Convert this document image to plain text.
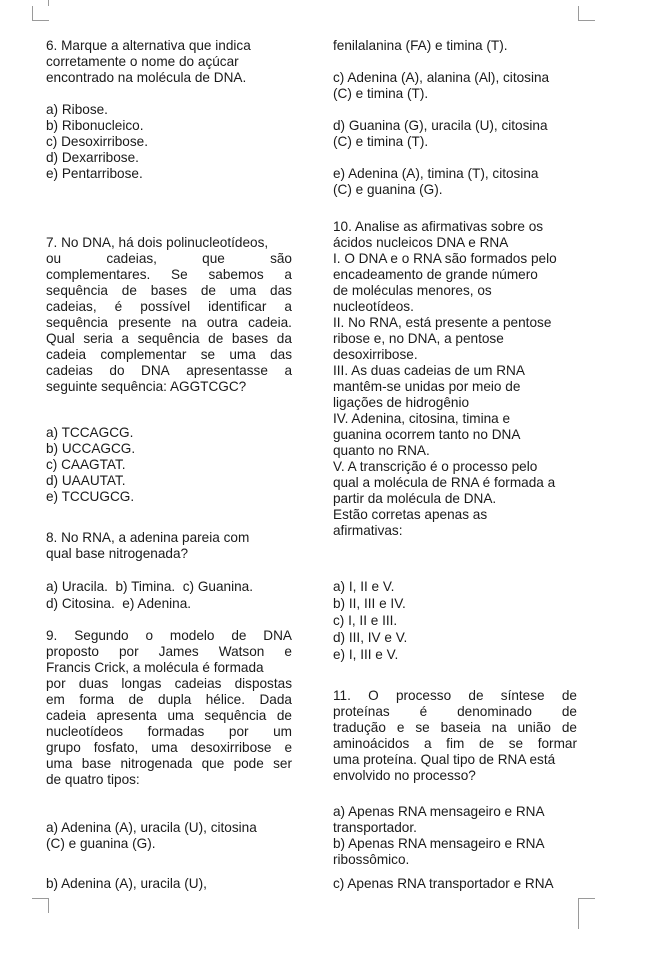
6. Marque a alternativa que indica
corretamente o nome do açúcar
encontrado na molécula de DNA.
a) Ribose.
b) Ribonucleico.
c) Desoxirribose.
d) Dexarribose.
e) Pentarribose.
7. No DNA, há dois polinucleotídeos,
ou	cadeias,	que	são
complementares. Se sabemos a
sequência de bases de uma das
cadeias, é possível identificar a
sequência presente na outra cadeia.
Qual seria a sequência de bases da
cadeia complementar se uma das
cadeias do DNA apresentasse a
seguinte sequência: AGGTCGC?
a) TCCAGCG.
b) UCCAGCG.
c) CAAGTAT.
d) UAAUTAT.
e) TCCUGCG.
8. No RNA, a adenina pareia com
qual base nitrogenada?
a) Uracila.  b) Timina.  c) Guanina.
d) Citosina.  e) Adenina.
9. Segundo o modelo de DNA
proposto por James Watson e
Francis Crick, a molécula é formada
por duas longas cadeias dispostas
em forma de dupla hélice. Dada
cadeia apresenta uma sequência de
nucleotídeos formadas por um
grupo fosfato, uma desoxirribose e
uma base nitrogenada que pode ser
de quatro tipos:
a) Adenina (A), uracila (U), citosina
(C) e guanina (G).
b) Adenina (A), uracila (U),
fenilalanina (FA) e timina (T).
c) Adenina (A), alanina (Al), citosina
(C) e timina (T).
d) Guanina (G), uracila (U), citosina
(C) e timina (T).
e) Adenina (A), timina (T), citosina
(C) e guanina (G).
10. Analise as afirmativas sobre os
ácidos nucleicos DNA e RNA
I. O DNA e o RNA são formados pelo
encadeamento de grande número
de moléculas menores, os
nucleotídeos.
II. No RNA, está presente a pentose
ribose e, no DNA, a pentose
desoxirribose.
III. As duas cadeias de um RNA
mantêm-se unidas por meio de
ligações de hidrogênio
IV. Adenina, citosina, timina e
guanina ocorrem tanto no DNA
quanto no RNA.
V. A transcrição é o processo pelo
qual a molécula de RNA é formada a
partir da molécula de DNA.
Estão corretas apenas as
afirmativas:
a) I, II e V.
b) II, III e IV.
c) I, II e III.
d) III, IV e V.
e) I, III e V.
11. O processo de síntese de
proteínas é denominado de
tradução e se baseia na união de
aminoácidos a fim de se formar
uma proteína. Qual tipo de RNA está
envolvido no processo?
a) Apenas RNA mensageiro e RNA
transportador.
b) Apenas RNA mensageiro e RNA
ribossômico.
c) Apenas RNA transportador e RNA
